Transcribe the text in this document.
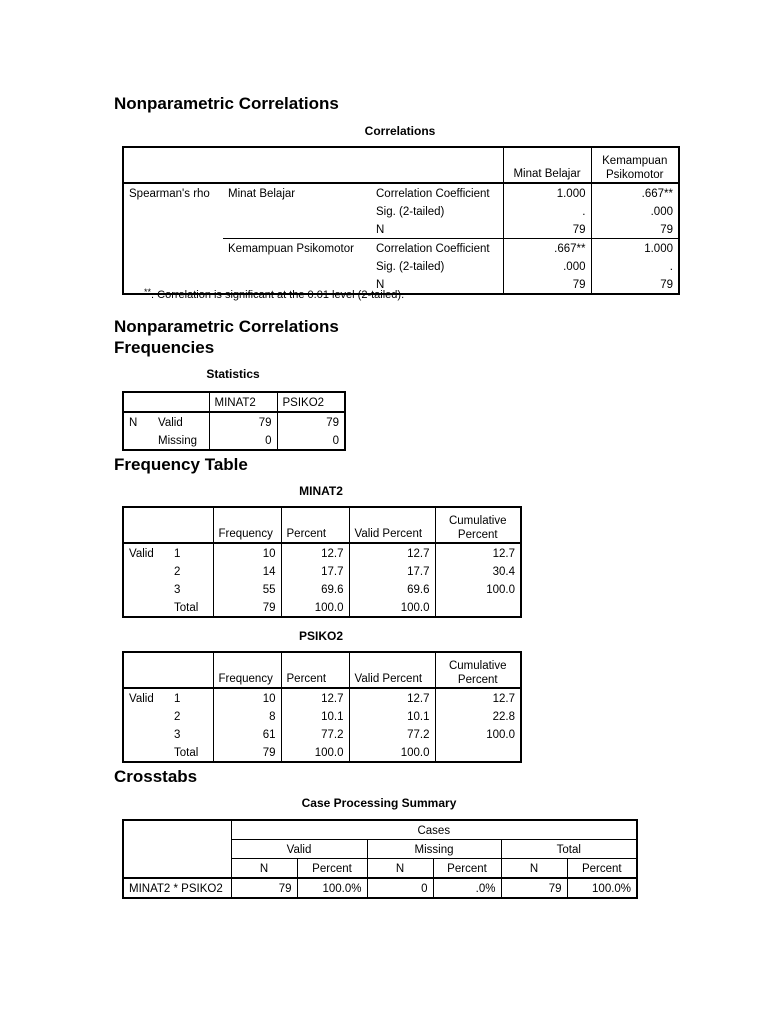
Nonparametric Correlations
Correlations
			Minat Belajar	Kemampuan Psikomotor
Spearman's rho	Minat Belajar	Correlation Coefficient	1.000	.667**
		Sig. (2-tailed)	.	.000
		N	79	79
	Kemampuan Psikomotor	Correlation Coefficient	.667**	1.000
		Sig. (2-tailed)	.000	.
		N	79	79
**. Correlation is significant at the 0.01 level (2-tailed).
Nonparametric Correlations
Frequencies
Statistics
		MINAT2	PSIKO2
N	Valid	79	79
	Missing	0	0
Frequency Table
MINAT2
		Frequency	Percent	Valid Percent	Cumulative Percent
Valid	1	10	12.7	12.7	12.7
	2	14	17.7	17.7	30.4
	3	55	69.6	69.6	100.0
	Total	79	100.0	100.0	
PSIKO2
		Frequency	Percent	Valid Percent	Cumulative Percent
Valid	1	10	12.7	12.7	12.7
	2	8	10.1	10.1	22.8
	3	61	77.2	77.2	100.0
	Total	79	100.0	100.0	
Crosstabs
Case Processing Summary
	Cases					
	Valid		Missing		Total	
	N	Percent	N	Percent	N	Percent
MINAT2 * PSIKO2	79	100.0%	0	.0%	79	100.0%
